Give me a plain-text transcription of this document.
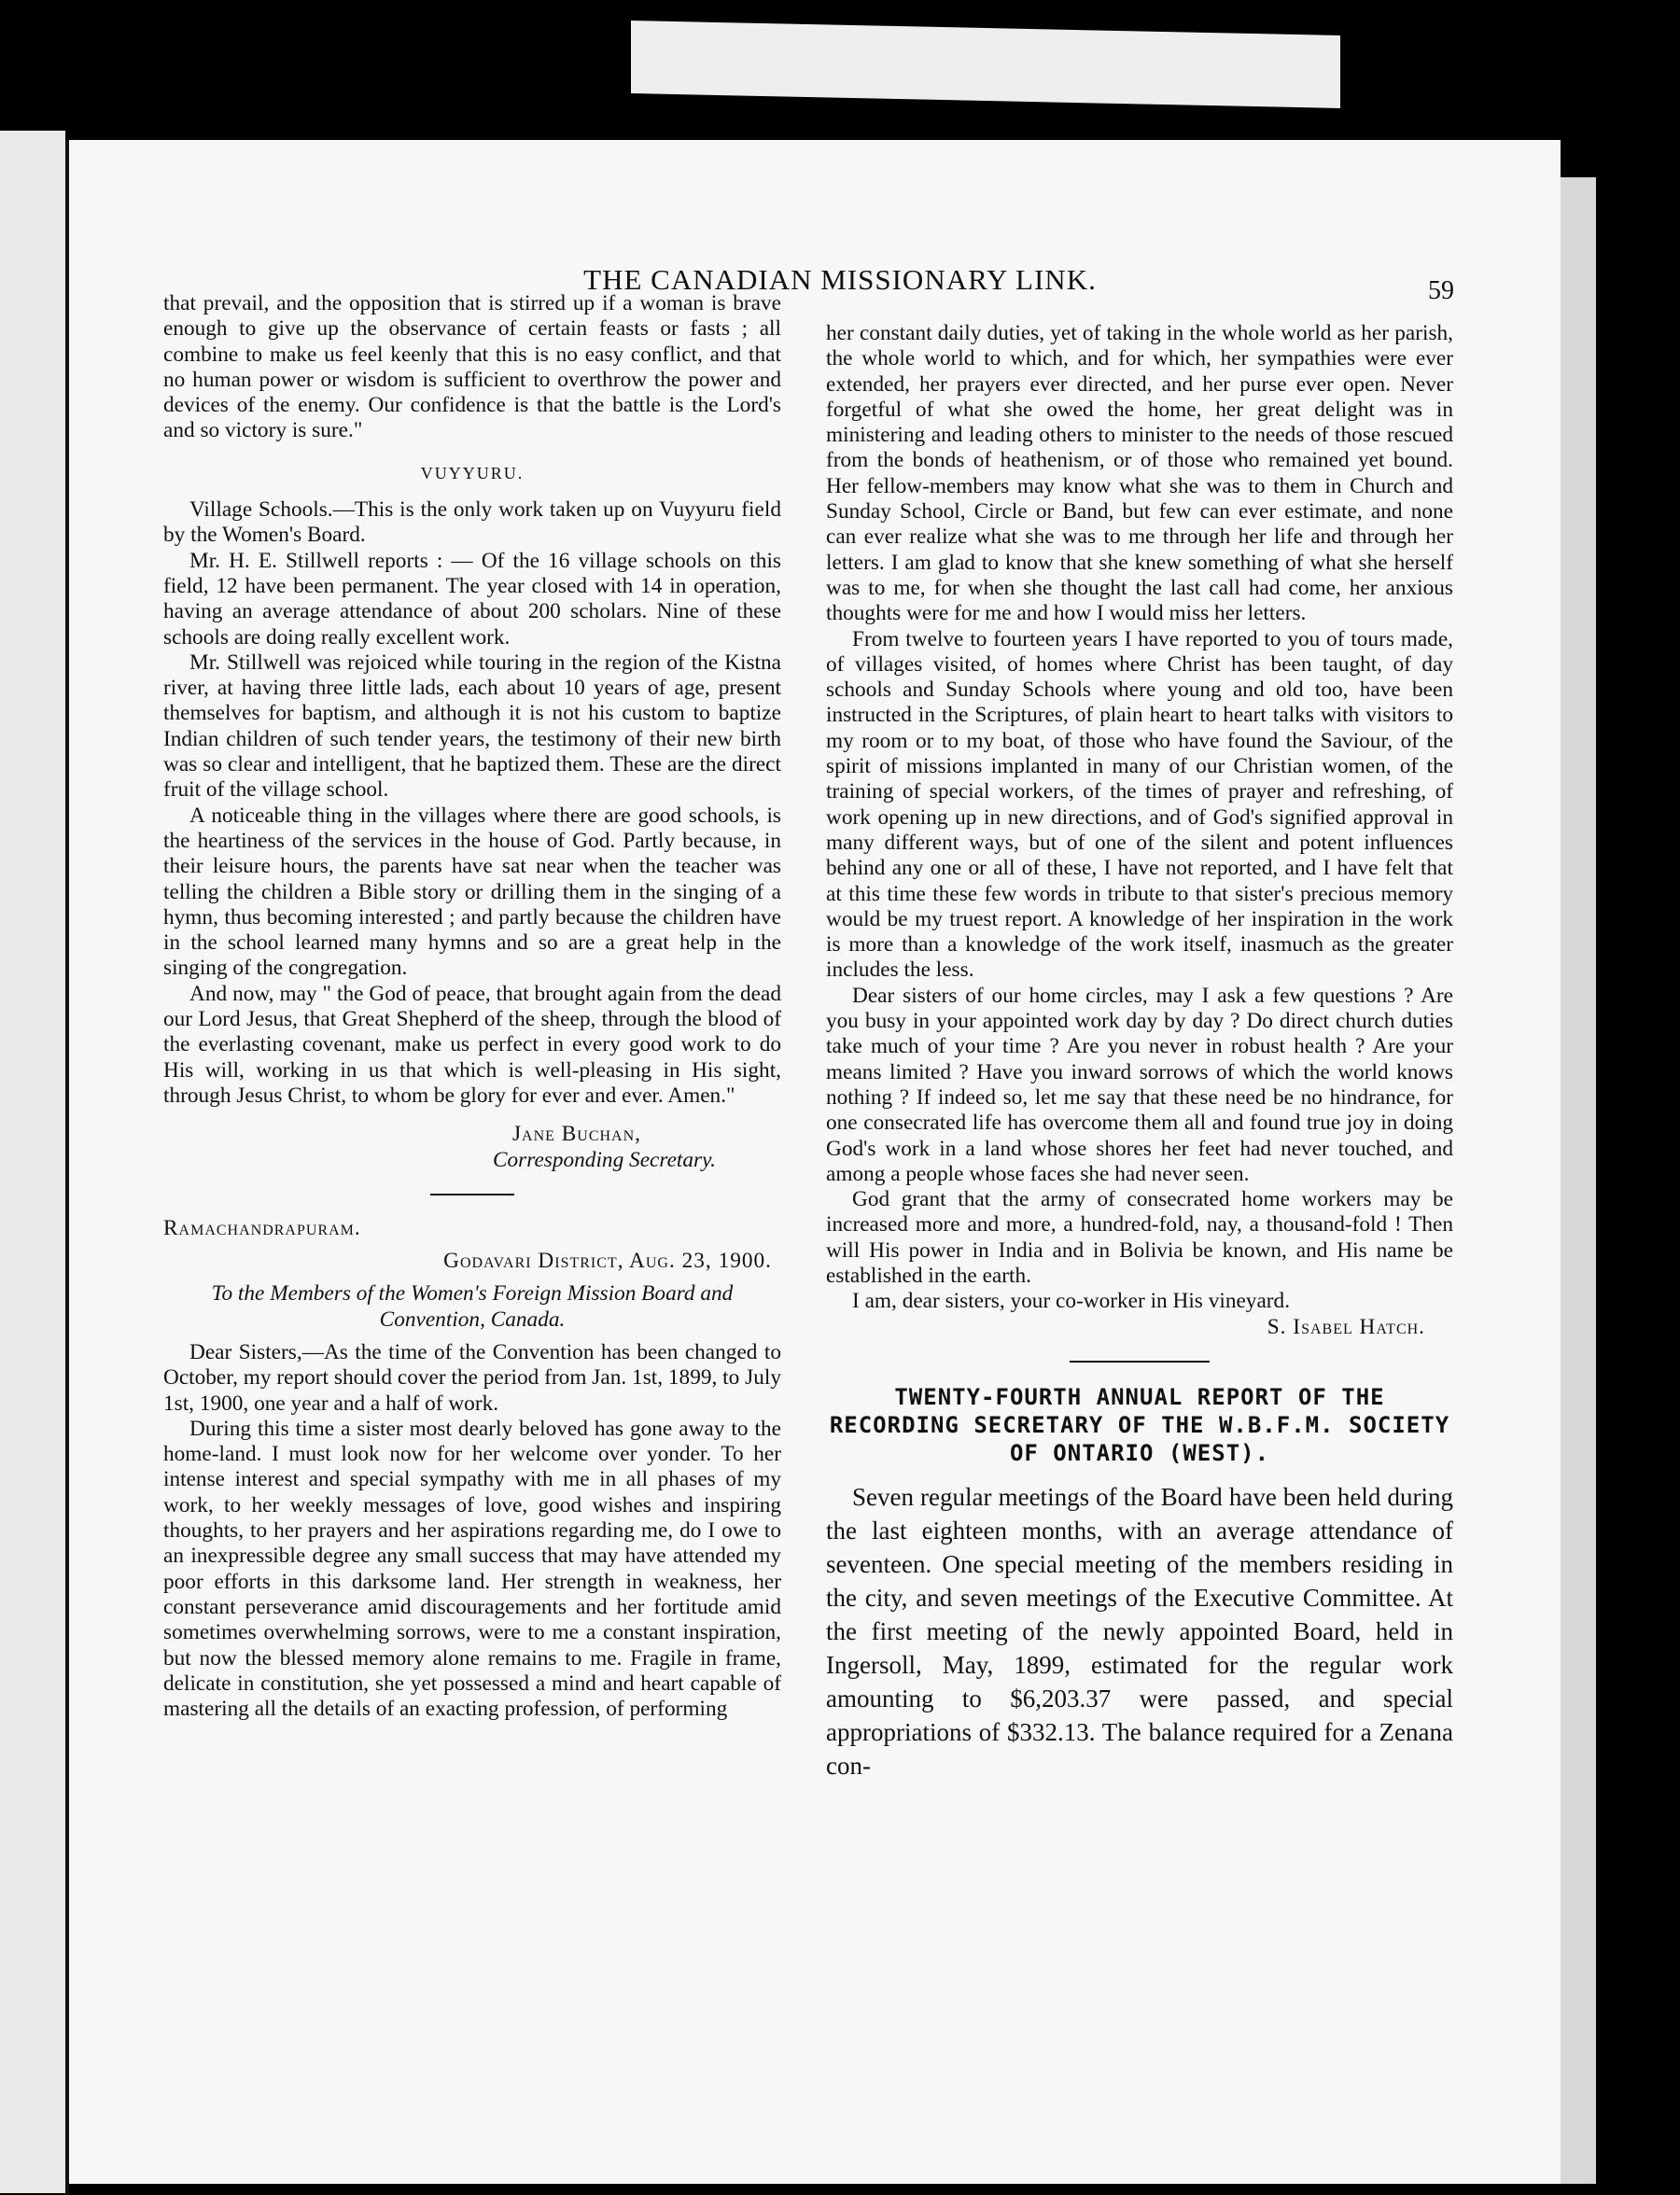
THE CANADIAN MISSIONARY LINK.	59

that prevail, and the opposition that is stirred up if a woman is brave enough to give up the observance of certain feasts or fasts ; all combine to make us feel keenly that this is no easy conflict, and that no human power or wisdom is sufficient to overthrow the power and devices of the enemy. Our confidence is that the battle is the Lord's and so victory is sure."

VUYYURU.

Village Schools.—This is the only work taken up on Vuyyuru field by the Women's Board.

Mr. H. E. Stillwell reports : — Of the 16 village schools on this field, 12 have been permanent. The year closed with 14 in operation, having an average attendance of about 200 scholars. Nine of these schools are doing really excellent work.

Mr. Stillwell was rejoiced while touring in the region of the Kistna river, at having three little lads, each about 10 years of age, present themselves for baptism, and although it is not his custom to baptize Indian children of such tender years, the testimony of their new birth was so clear and intelligent, that he baptized them. These are the direct fruit of the village school.

A noticeable thing in the villages where there are good schools, is the heartiness of the services in the house of God. Partly because, in their leisure hours, the parents have sat near when the teacher was telling the children a Bible story or drilling them in the singing of a hymn, thus becoming interested ; and partly because the children have in the school learned many hymns and so are a great help in the singing of the congregation.

And now, may " the God of peace, that brought again from the dead our Lord Jesus, that Great Shepherd of the sheep, through the blood of the everlasting covenant, make us perfect in every good work to do His will, working in us that which is well-pleasing in His sight, through Jesus Christ, to whom be glory for ever and ever. Amen."

Jane Buchan,

Corresponding Secretary.

Ramachandrapuram.

Godavari District, Aug. 23, 1900.

To the Members of the Women's Foreign Mission Board and Convention, Canada.

Dear Sisters,—As the time of the Convention has been changed to October, my report should cover the period from Jan. 1st, 1899, to July 1st, 1900, one year and a half of work.

During this time a sister most dearly beloved has gone away to the home-land. I must look now for her welcome over yonder. To her intense interest and special sympathy with me in all phases of my work, to her weekly messages of love, good wishes and inspiring thoughts, to her prayers and her aspirations regarding me, do I owe to an inexpressible degree any small success that may have attended my poor efforts in this darksome land. Her strength in weakness, her constant perseverance amid discouragements and her fortitude amid sometimes overwhelming sorrows, were to me a constant inspiration, but now the blessed memory alone remains to me. Fragile in frame, delicate in constitution, she yet possessed a mind and heart capable of mastering all the details of an exacting profession, of performing

her constant daily duties, yet of taking in the whole world as her parish, the whole world to which, and for which, her sympathies were ever extended, her prayers ever directed, and her purse ever open. Never forgetful of what she owed the home, her great delight was in ministering and leading others to minister to the needs of those rescued from the bonds of heathenism, or of those who remained yet bound. Her fellow-members may know what she was to them in Church and Sunday School, Circle or Band, but few can ever estimate, and none can ever realize what she was to me through her life and through her letters. I am glad to know that she knew something of what she herself was to me, for when she thought the last call had come, her anxious thoughts were for me and how I would miss her letters.

From twelve to fourteen years I have reported to you of tours made, of villages visited, of homes where Christ has been taught, of day schools and Sunday Schools where young and old too, have been instructed in the Scriptures, of plain heart to heart talks with visitors to my room or to my boat, of those who have found the Saviour, of the spirit of missions implanted in many of our Christian women, of the training of special workers, of the times of prayer and refreshing, of work opening up in new directions, and of God's signified approval in many different ways, but of one of the silent and potent influences behind any one or all of these, I have not reported, and I have felt that at this time these few words in tribute to that sister's precious memory would be my truest report. A knowledge of her inspiration in the work is more than a knowledge of the work itself, inasmuch as the greater includes the less.

Dear sisters of our home circles, may I ask a few questions ? Are you busy in your appointed work day by day ? Do direct church duties take much of your time ? Are you never in robust health ? Are your means limited ? Have you inward sorrows of which the world knows nothing ? If indeed so, let me say that these need be no hindrance, for one consecrated life has overcome them all and found true joy in doing God's work in a land whose shores her feet had never touched, and among a people whose faces she had never seen.

God grant that the army of consecrated home workers may be increased more and more, a hundred-fold, nay, a thousand-fold ! Then will His power in India and in Bolivia be known, and His name be established in the earth.

I am, dear sisters, your co-worker in His vineyard.

S. Isabel Hatch.

TWENTY-FOURTH ANNUAL REPORT OF THE RECORDING SECRETARY OF THE W.B.F.M. SOCIETY OF ONTARIO (WEST).

Seven regular meetings of the Board have been held during the last eighteen months, with an average attendance of seventeen. One special meeting of the members residing in the city, and seven meetings of the Executive Committee. At the first meeting of the newly appointed Board, held in Ingersoll, May, 1899, estimated for the regular work amounting to $6,203.37 were passed, and special appropriations of $332.13. The balance required for a Zenana con-
